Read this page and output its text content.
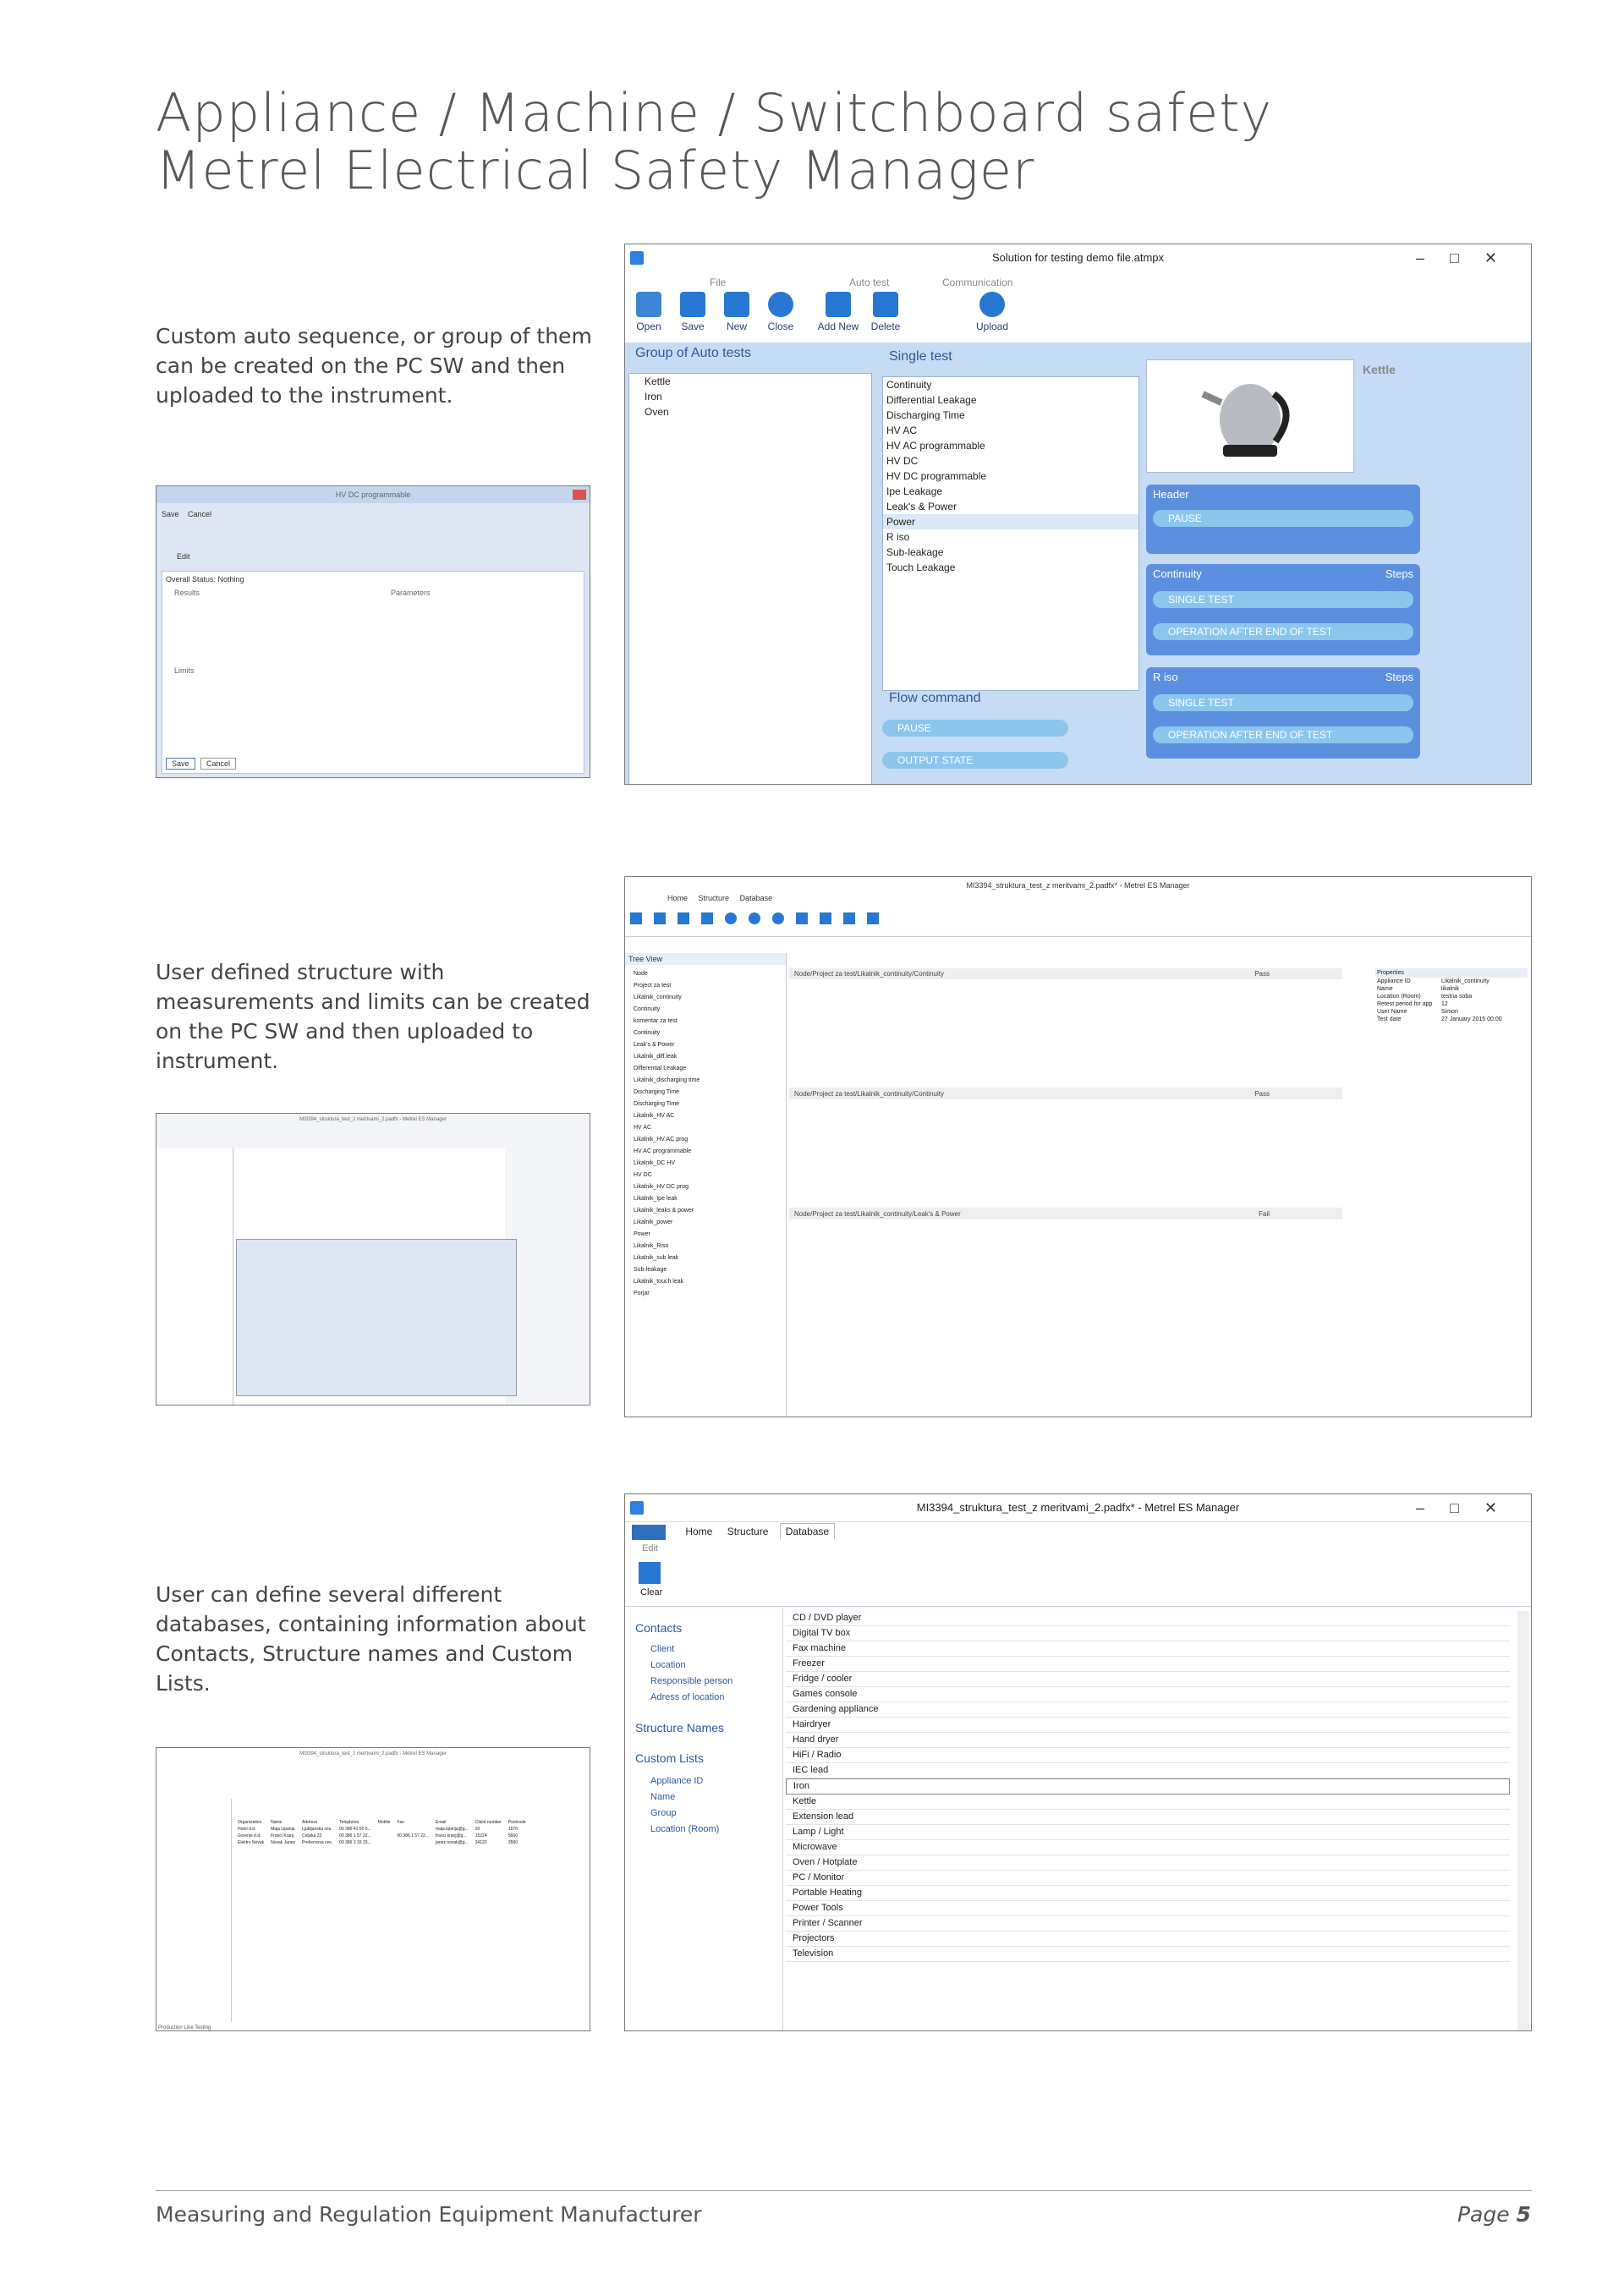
Appliance / Machine / Switchboard safety
Metrel Electrical Safety Manager
Custom auto sequence, or group of them can be created on the PC SW and then uploaded to the instrument.
User defined structure with measurements and limits can be created on the PC SW and then uploaded to instrument.
User can define several different databases, containing information about Contacts, Structure names and Custom Lists.
Solution for testing demo file.atmpx	–□✕
File	Auto test	Communication
Open	Save	New	Close	Add New	Delete	Upload
Group of Auto tests
Kettle
Iron
Oven
Single test
Continuity
Differential Leakage
Discharging Time
HV AC
HV AC programmable
HV DC
HV DC programmable
Ipe Leakage
Leak's & Power
Power
R iso
Sub-leakage
Touch Leakage
Flow command
PAUSE
OUTPUT STATE
Kettle
Header
PAUSE
Continuity	Steps
SINGLE TEST
OPERATION AFTER END OF TEST
R iso	Steps
SINGLE TEST
OPERATION AFTER END OF TEST
HV DC programmable
Save Cancel
Edit
Overall Status: Nothing
Results	Parameters
Limits
Save Cancel
MI3394_struktura_test_z meritvami_2.padfx* - Metrel ES Manager
Home Structure Database
Tree View
Node
Project za test
Likalnik_continuity
Continuity
komentar za test
Continuity
Leak's & Power
Likalnik_diff.leak
Differential Leakage
Likalnik_discharging time
Discharging Time
Discharging Time
Likalnik_HV AC
HV AC
Likalnik_HV AC prog
HV AC programmable
Likalnik_DC HV
HV DC
Likalnik_HV DC prog
Likalnik_Ipe leak
Likalnik_leaks & power
Likalnik_power
Power
Likalnik_Riso
Likalnik_sub leak
Sub-leakage
Likalnik_touch leak
Porjar
Node/Project za test/Likalnik_continuity/Continuity	Pass
Node/Project za test/Likalnik_continuity/Continuity	Pass
Node/Project za test/Likalnik_continuity/Leak's & Power	Fail
Properties
Appliance ID	Likalnik_continuity
Name	likalnik
Location (Room)	testna soba
Retest period for app	12
User Name	Simon
Test date	27 January 2015 00:00
MI3394_struktura_test_z meritvami_2.padfx - Metrel ES Manager
MI3394_struktura_test_z meritvami_2.padfx* - Metrel ES Manager	–□✕
Home Structure Database
Edit
Clear
Contacts
Client
Location
Responsible person
Adress of location
Structure Names
Custom Lists
Appliance ID
Name
Group
Location (Room)
CD / DVD player
Digital TV box
Fax machine
Freezer
Fridge / cooler
Games console
Gardening appliance
Hairdryer
Hand dryer
HiFi / Radio
IEC lead
Iron
Kettle
Extension lead
Lamp / Light
Microwave
Oven / Hotplate
PC / Monitor
Portable Heating
Power Tools
Printer / Scanner
Projectors
Television
MI3394_struktura_test_z meritvami_2.padfx - Metrel ES Manager
Organization	Name	Address	Telephone	Mobile	Fax	Email	Client number	Postcode
Hotel d.d.	Maja Lipanja	Ljubljanska ces.	00 386 41 50 6...			maja.lipanja@g...	20	1670
Gorenje d.d.	Franci Kranj	Celjska 22	00 386 1 57 22...		00 386 1 57 22...	franci.kranj@g...	15224	5600
Elektro Novak	Novak Janez	Prešernova ces.	00 386 3 33 33...			janez.novak@g...	34122	3590
Production Line Testing
Measuring and Regulation Equipment Manufacturer	Page 5
